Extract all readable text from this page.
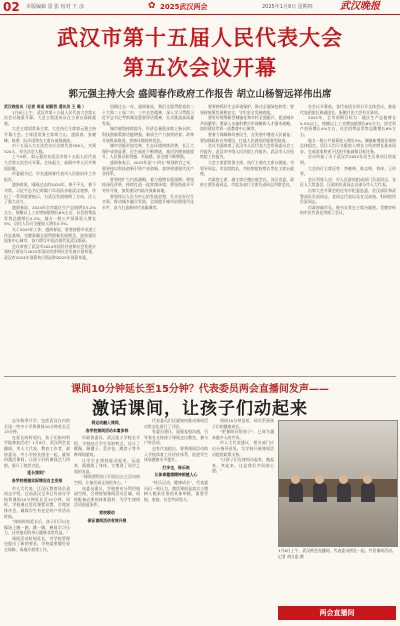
02 本版编辑 雷 张 校对 王 彦	✿ 2025武汉两会	2025年1月9日 星期四	武汉晚报
武汉市第十五届人民代表大会
第五次会议开幕
郭元强主持大会 盛阅春作政府工作报告 胡立山杨智远祥伟出席

武汉晚报讯（记者 周遥 胡蔚然 通讯员 王 璐 ）

1月8日上午，武汉市第十五届人民代表大会第五次会议隆重开幕。大会主席团成员在主席台前排就座。

大会主席团常务主席、大会执行主席郭元强主持开幕大会。主席团常务主席胡立山、盛阅春、张晓峰、陈勇、阮开国等在主席台前排就座。

市十五届人大五次会议应出席代表558人，实到520人，符合法定人数。

上午9时，郭元强宣布武汉市第十五届人民代表大会第五次会议开幕。全场起立，高唱中华人民共和国国歌。

市委副书记、市长盛阅春代表市人民政府作工作报告。

盛阅春说，刚刚过去的2024年，极不平凡，极不寻常。习近平总书记时隔六年再次亲临武汉视察，作出了一系列重要指示，为武汉发展指明了方向，注入了强大动力。

盛阅春说，2024年全市地区生产总值增长5.2%左右，规模以上工业增加值增长8%左右，社会消费品零售总额增长5.2%，地方一般公共预算收入增长5%，居民人均可支配收入增长5.5%。

关于2025年工作，盛阅春说，要坚持稳中求进工作总基调，完整准确全面贯彻新发展理念，加快建设国家中心城市，奋力谱写中国式现代化武汉篇章。

会议审查了武汉市2024年国民经济和社会发展计划执行情况与2025年国民经济和社会发展计划草案、武汉市2024年预算执行情况和2025年预算草案。

回顾过去一年，盛阅春说，我们全面贯彻党的二十大和二十届二中、三中全会精神，深入学习贯彻习近平总书记考察湖北重要讲话精神，扎实推进高质量发展。

城市能级持续提升，经济总量稳步跨上新台阶；科技创新策源功能增强，新质生产力加快培育；改革开放纵深推进，营商环境持续优化。

城市功能更加完善，生态环境持续改善，长江大保护成效显著，民生福祉不断增进，基层治理效能提升，人民群众获得感、幸福感、安全感不断增强。

盛阅春表示，2025年是"十四五"规划收官之年，要坚持以科技创新引领产业创新，加快构建现代化产业体系。

要坚持扩大内需战略，着力稳增长稳预期；要坚持深化改革，持续打造一流营商环境；要坚持高水平对外开放，加快建设内陆开放新高地。

要坚持以人民为中心的发展思想，扎实办好民生实事，推动城乡融合发展，全面提升城市治理现代化水平，奋力打造新时代英雄城市。

要坚持抓好生态环境保护，推动全面绿色转型；要坚持统筹发展和安全，守牢安全发展底线。

要更好统筹新型城镇化和乡村全面振兴，促进城乡共同繁荣；要深入实施科教兴市战略和人才强市战略，加快建设世界一流教育中心城市。

要着力保障和改善民生，在发展中增进人民福祉；要加强政府自身建设，打造人民满意的服务型政府。

会议书面审查了武汉市人民代表大会常务委员会工作报告、武汉市中级人民法院工作报告、武汉市人民检察院工作报告。

大会主席团常务主席、执行主席在主席台就座。市领导同志，市法院院长，市检察院检察长等在主席台就座。

市政协主席、副主席应邀出席会议。各区党委、政府主要负责同志，市直各部门主要负责同志列席会议。

在会议开幕前，各代表团分别召开全体会议，推选代表团团长和副团长，酝酿讨论大会有关事项。

2025年，全市预期目标为：地区生产总值增长5.5%以上，规模以上工业增加值增长6%左右，固定资产投资增长4%左右，社会消费品零售总额增长6%左右。

地方一般公共预算收入增长3%，城镇新增就业保持总体稳定，居民人均可支配收入增长与经济增长基本同步，完成国家和省下达的节能减排目标任务。

会议听取了关于武汉市2025年民生实事项目的说明。

大会执行主席还有：李晓林、陈志明、刘伟、王玲等。

会议列席人员：市人民政府组成部门负责同志、各区人大常委会、区政府负责同志及部分市人大代表。

出席大会开幕会的还有市纪委监委、驻汉部队和武警部队负责同志，老同志代表以及在汉高校、科研院所负责同志。

市政府副市长、秘书长等在主席台就座。受邀旁听的市民代表也列席了会议。

课间10分钟延长至15分钟？代表委员两会直播间发声——
激话课间，让孩子们动起来

去年秋季开学，包括武汉在内的全国一些中小学将课间10分钟延长至15分钟。

在延长的时间内，孩子们如何科学地参加活动？1月8日，武汉两会直播间，市人大代表、教育工作者，政协委员、中小学校长围坐一起，就如何激活课间，让孩子们的课间活力四射，展开了热烈讨论。

延长课间？

各学校根据实际情况自主安排

市人大代表、江汉区教育局负责同志介绍，目前武汉全市已有部分学校将课间10分钟延长至15分钟，同时，学校通过优化课程设置、合理安排作息，确保学生有充足的户外活动时间。

"课间时间延长后，孩子们可以在操场上跑一跑、跳一跳，释放学习压力，这对他们的身心健康非常有益。"

课间活动时间延长，对学校管理也提出了新的要求，学校需要做好安全保障、场地开放等工作。

将运动融入课间，

各学校课间活动丰富多样

市政协委员、武汉某小学校长介绍，学校结合学生年龄特点，设计了跳绳、踢毽子、丢沙包、跳房子等多种课间游戏。

让学生在课间能动起来、玩起来，既锻炼了身体，又增进了同学之间的友谊。

"课间要给孩子们留出自主活动的空间，让他们真正放松身心。"

该委员建议，学校要充分利用校园空间，合理规划课间活动区域，同时配备必要的体育器材，为学生课间活动创造条件。

家校联动

保证课间活动有效开展

代表委员们还就如何推动课间活动常态化进行了讨论。

有委员建议，加强家校沟通，引导家长支持孩子课间走出教室，参与户外活动。

也有代表提出，要将课间活动纳入学校体育工作评价体系，促进学生体质健康水平提升。

打步也，保乐埃

让体育健康精神根植人心

"快乐运动，健康成长"，代表委员们一致认为，激活课间是落实立德树人根本任务的具体举措，需要学校、家庭、社会共同努力。

课间10分钟虽短，却关系到孩子们的健康成长。

"把课间还给孩子"，已成为越来越多人的共识。

市人大代表建议，相关部门应出台指导意见，为学校开展课间活动提供政策支持。

"让孩子们在课间动起来，跑起来，笑起来，这是我们共同的心愿。"

1月8日上午，武汉两会直播间，代表委员围坐一起，共话课间活动。记者 胡九思 摄
两会直播间
